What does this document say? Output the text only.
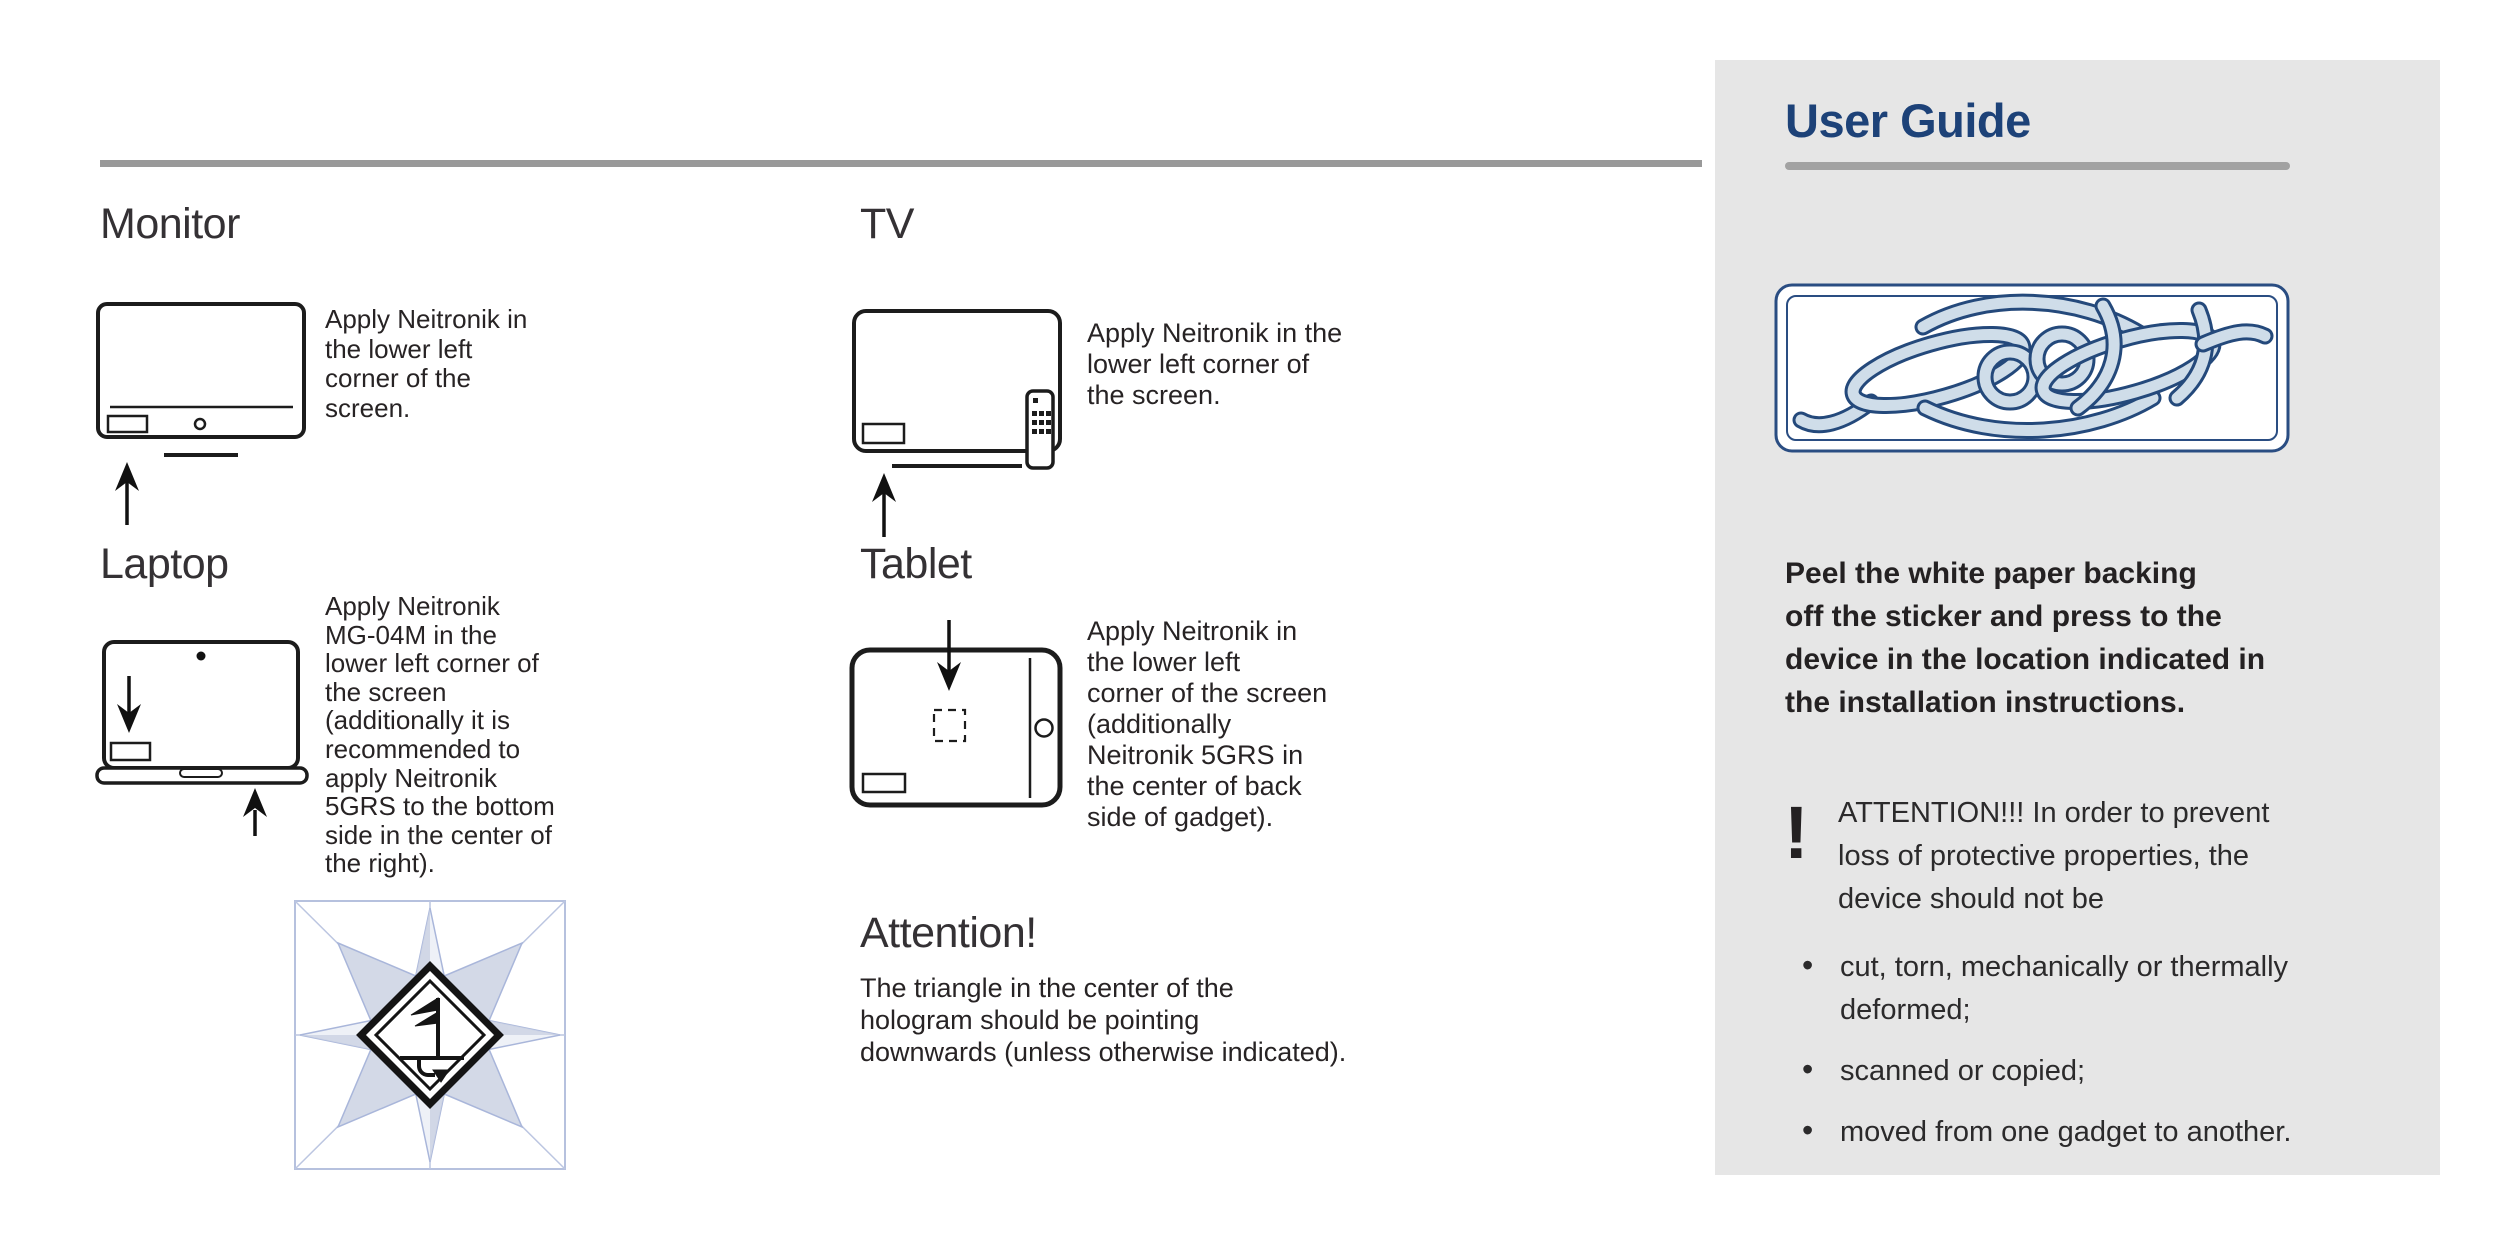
Monitor
Apply Neitronik in
the lower left
corner of the
screen.
TV
Apply Neitronik in the
lower left corner of
the screen.
Laptop
Apply Neitronik
MG-04M in the
lower left corner of
the screen
(additionally it is
recommended to
apply Neitronik
5GRS to the bottom
side in the center of
the right).
Tablet
Apply Neitronik in
the lower left
corner of the screen
(additionally
Neitronik 5GRS in
the center of back
side of gadget).
Attention!
The triangle in the center of the
hologram should be pointing
downwards (unless otherwise indicated).
User Guide
Peel the white paper backing
off the sticker and press to the
device in the location indicated in
the installation instructions.
! ATTENTION!!! In order to prevent
loss of protective properties, the
device should not be
• cut, torn, mechanically or thermally
deformed;
• scanned or copied;
• moved from one gadget to another.
